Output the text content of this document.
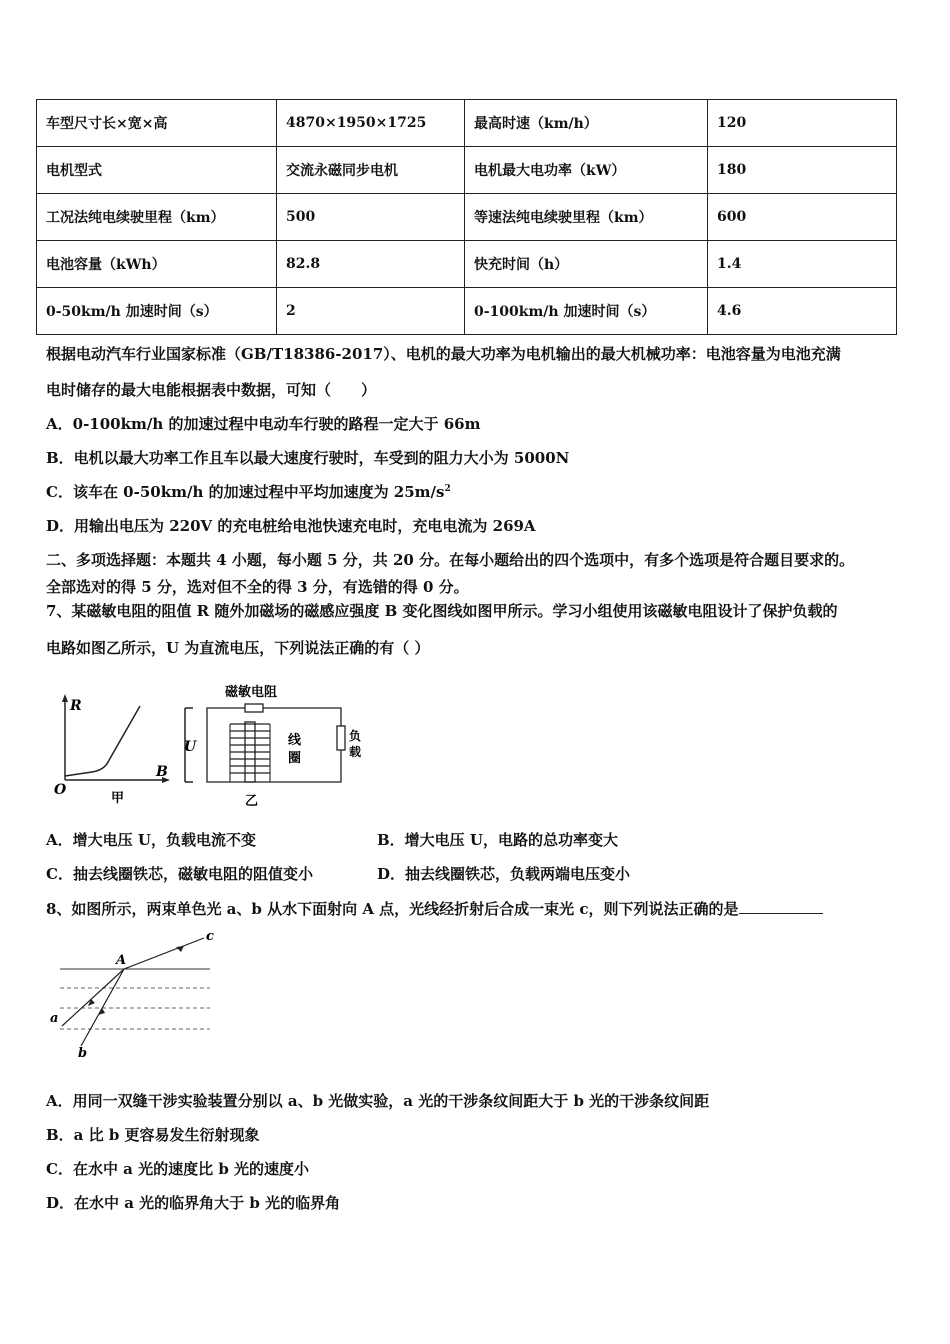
车型尺寸长×宽×高	4870×1950×1725	最高时速（km/h）	120
电机型式	交流永磁同步电机	电机最大电功率（kW）	180
工况法纯电续驶里程（km）	500	等速法纯电续驶里程（km）	600
电池容量（kWh）	82.8	快充时间（h）	1.4
0-50km/h 加速时间（s）	2	0-100km/h 加速时间（s）	4.6
根据电动汽车行业国家标准（GB/T18386-2017）、电机的最大功率为电机输出的最大机械功率：电池容量为电池充满
电时储存的最大电能根据表中数据，可知（　　）
A．0-100km/h 的加速过程中电动车行驶的路程一定大于 66m
B．电机以最大功率工作且车以最大速度行驶时，车受到的阻力大小为 5000N
C．该车在 0-50km/h 的加速过程中平均加速度为 $25m/s^2$
D．用输出电压为 220V 的充电桩给电池快速充电时，充电电流为 269A
二、多项选择题：本题共 4 小题，每小题 5 分，共 20 分。在每小题给出的四个选项中，有多个选项是符合题目要求的。
全部选对的得 5 分，选对但不全的得 3 分，有选错的得 0 分。
7、某磁敏电阻的阻值 R 随外加磁场的磁感应强度 B 变化图线如图甲所示。学习小组使用该磁敏电阻设计了保护负载的
电路如图乙所示，U 为直流电压，下列说法正确的有（ ）
R
B
O
甲
磁敏电阻
U
负
载
线
圈
乙
A．增大电压 U，负载电流不变	B．增大电压 U，电路的总功率变大
C．抽去线圈铁芯，磁敏电阻的阻值变小	D．抽去线圈铁芯，负载两端电压变小
8、如图所示，两束单色光 a、b 从水下面射向 A 点，光线经折射后合成一束光 c，则下列说法正确的是
A
a
b
c
A．用同一双缝干涉实验装置分别以 a、b 光做实验，a 光的干涉条纹间距大于 b 光的干涉条纹间距
B．a 比 b 更容易发生衍射现象
C．在水中 a 光的速度比 b 光的速度小
D．在水中 a 光的临界角大于 b 光的临界角
